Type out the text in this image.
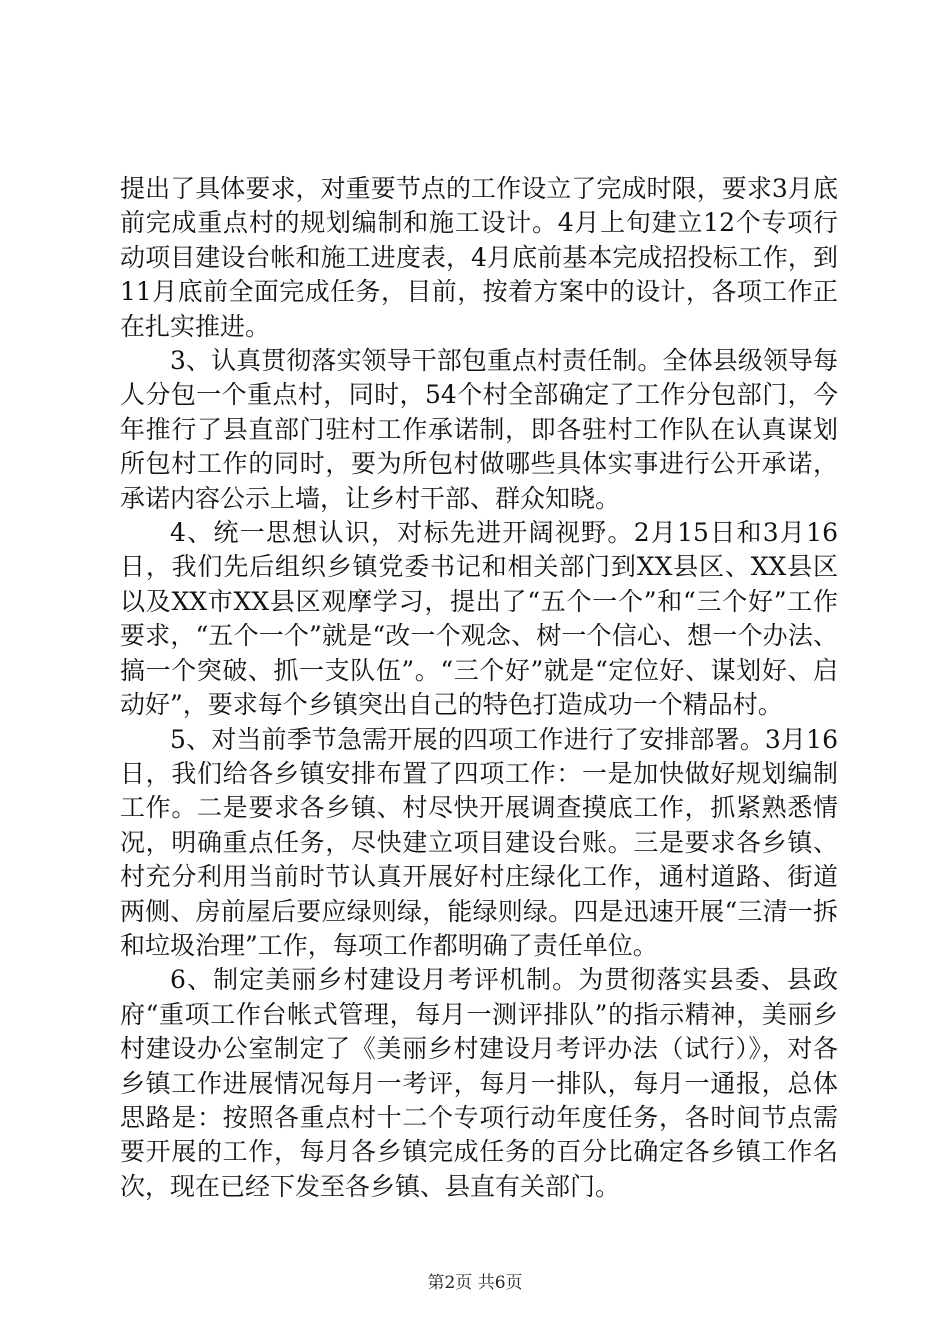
提出了具体要求，对重要节点的工作设立了完成时限，要求3月底前完成重点村的规划编制和施工设计。4月上旬建立12个专项行动项目建设台帐和施工进度表，4月底前基本完成招投标工作，到11月底前全面完成任务，目前，按着方案中的设计，各项工作正在扎实推进。

3、认真贯彻落实领导干部包重点村责任制。全体县级领导每人分包一个重点村，同时，54个村全部确定了工作分包部门，今年推行了县直部门驻村工作承诺制，即各驻村工作队在认真谋划所包村工作的同时，要为所包村做哪些具体实事进行公开承诺，承诺内容公示上墙，让乡村干部、群众知晓。

4、统一思想认识，对标先进开阔视野。2月15日和3月16日，我们先后组织乡镇党委书记和相关部门到XX县区、XX县区以及XX市XX县区观摩学习，提出了“五个一个”和“三个好”工作要求，“五个一个”就是“改一个观念、树一个信心、想一个办法、搞一个突破、抓一支队伍”。“三个好”就是“定位好、谋划好、启动好”，要求每个乡镇突出自己的特色打造成功一个精品村。

5、对当前季节急需开展的四项工作进行了安排部署。3月16日，我们给各乡镇安排布置了四项工作：一是加快做好规划编制工作。二是要求各乡镇、村尽快开展调查摸底工作，抓紧熟悉情况，明确重点任务，尽快建立项目建设台账。三是要求各乡镇、村充分利用当前时节认真开展好村庄绿化工作，通村道路、街道两侧、房前屋后要应绿则绿，能绿则绿。四是迅速开展“三清一拆和垃圾治理”工作，每项工作都明确了责任单位。

6、制定美丽乡村建设月考评机制。为贯彻落实县委、县政府“重项工作台帐式管理，每月一测评排队”的指示精神，美丽乡村建设办公室制定了《美丽乡村建设月考评办法（试行）》，对各乡镇工作进展情况每月一考评，每月一排队，每月一通报，总体思路是：按照各重点村十二个专项行动年度任务，各时间节点需要开展的工作，每月各乡镇完成任务的百分比确定各乡镇工作名次，现在已经下发至各乡镇、县直有关部门。

第2页 共6页
